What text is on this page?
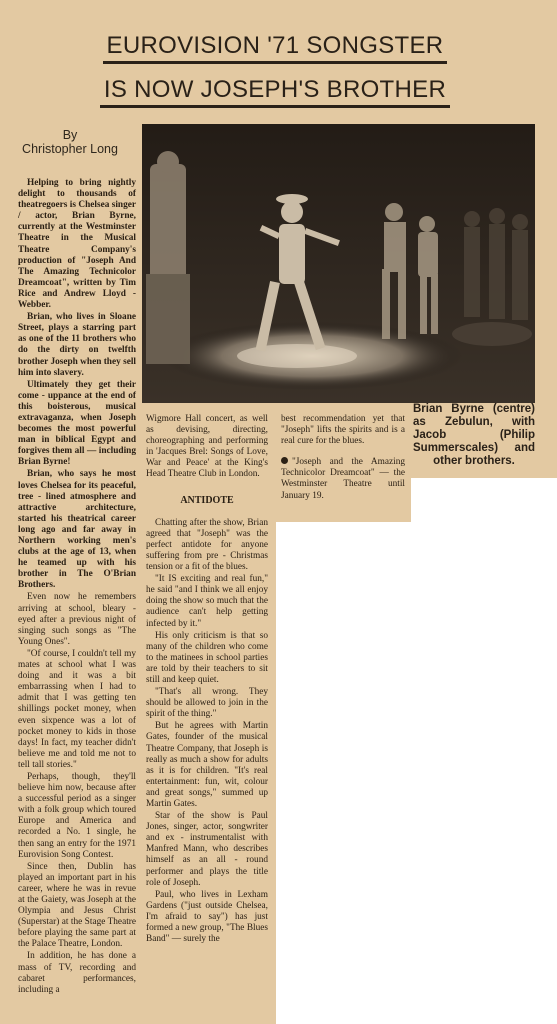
EUROVISION '71 SONGSTER
IS NOW JOSEPH'S BROTHER
By
Christopher Long
Brian Byrne (centre) as Zebulun, with Jacob (Philip Summerscales) and other brothers.

Helping to bring nightly delight to thousands of theatregoers is Chelsea singer / actor, Brian Byrne, currently at the Westminster Theatre in the Musical Theatre Company's production of "Joseph And The Amazing Technicolor Dreamcoat", written by Tim Rice and Andrew Lloyd - Webber.

Brian, who lives in Sloane Street, plays a starring part as one of the 11 brothers who do the dirty on twelfth brother Joseph when they sell him into slavery.

Ultimately they get their come - uppance at the end of this boisterous, musical extravaganza, when Joseph becomes the most powerful man in biblical Egypt and forgives them all — including Brian Byrne!

Brian, who says he most loves Chelsea for its peaceful, tree - lined atmosphere and attractive architecture, started his theatrical career long ago and far away in Northern working men's clubs at the age of 13, when he teamed up with his brother in The O'Brian Brothers.

Even now he remembers arriving at school, bleary - eyed after a previous night of singing such songs as "The Young Ones".

"Of course, I couldn't tell my mates at school what I was doing and it was a bit embarrassing when I had to admit that I was getting ten shillings pocket money, when even sixpence was a lot of pocket money to kids in those days! In fact, my teacher didn't believe me and told me not to tell tall stories."

Perhaps, though, they'll believe him now, because after a successful period as a singer with a folk group which toured Europe and America and recorded a No. 1 single, he then sang an entry for the 1971 Eurovision Song Contest.

Since then, Dublin has played an important part in his career, where he was in revue at the Gaiety, was Joseph at the Olympia and Jesus Christ (Superstar) at the Stage Theatre before playing the same part at the Palace Theatre, London.

In addition, he has done a mass of TV, recording and cabaret performances, including a

Wigmore Hall concert, as well as devising, directing, choreographing and performing in 'Jacques Brel: Songs of Love, War and Peace' at the King's Head Theatre Club in London.

ANTIDOTE

Chatting after the show, Brian agreed that "Joseph" was the perfect antidote for anyone suffering from pre - Christmas tension or a fit of the blues.

"It IS exciting and real fun," he said "and I think we all enjoy doing the show so much that the audience can't help getting infected by it."

His only criticism is that so many of the children who come to the matinees in school parties are told by their teachers to sit still and keep quiet.

"That's all wrong. They should be allowed to join in the spirit of the thing."

But he agrees with Martin Gates, founder of the musical Theatre Company, that Joseph is really as much a show for adults as it is for children. "It's real entertainment: fun, wit, colour and great songs," summed up Martin Gates.

Star of the show is Paul Jones, singer, actor, songwriter and ex - instrumentalist with Manfred Mann, who describes himself as an all - round performer and plays the title role of Joseph.

Paul, who lives in Lexham Gardens ("just outside Chelsea, I'm afraid to say") has just formed a new group, "The Blues Band" — surely the

best recommendation yet that "Joseph" lifts the spirits and is a real cure for the blues.

"Joseph and the Amazing Technicolor Dreamcoat" — the Westminster Theatre until January 19.
